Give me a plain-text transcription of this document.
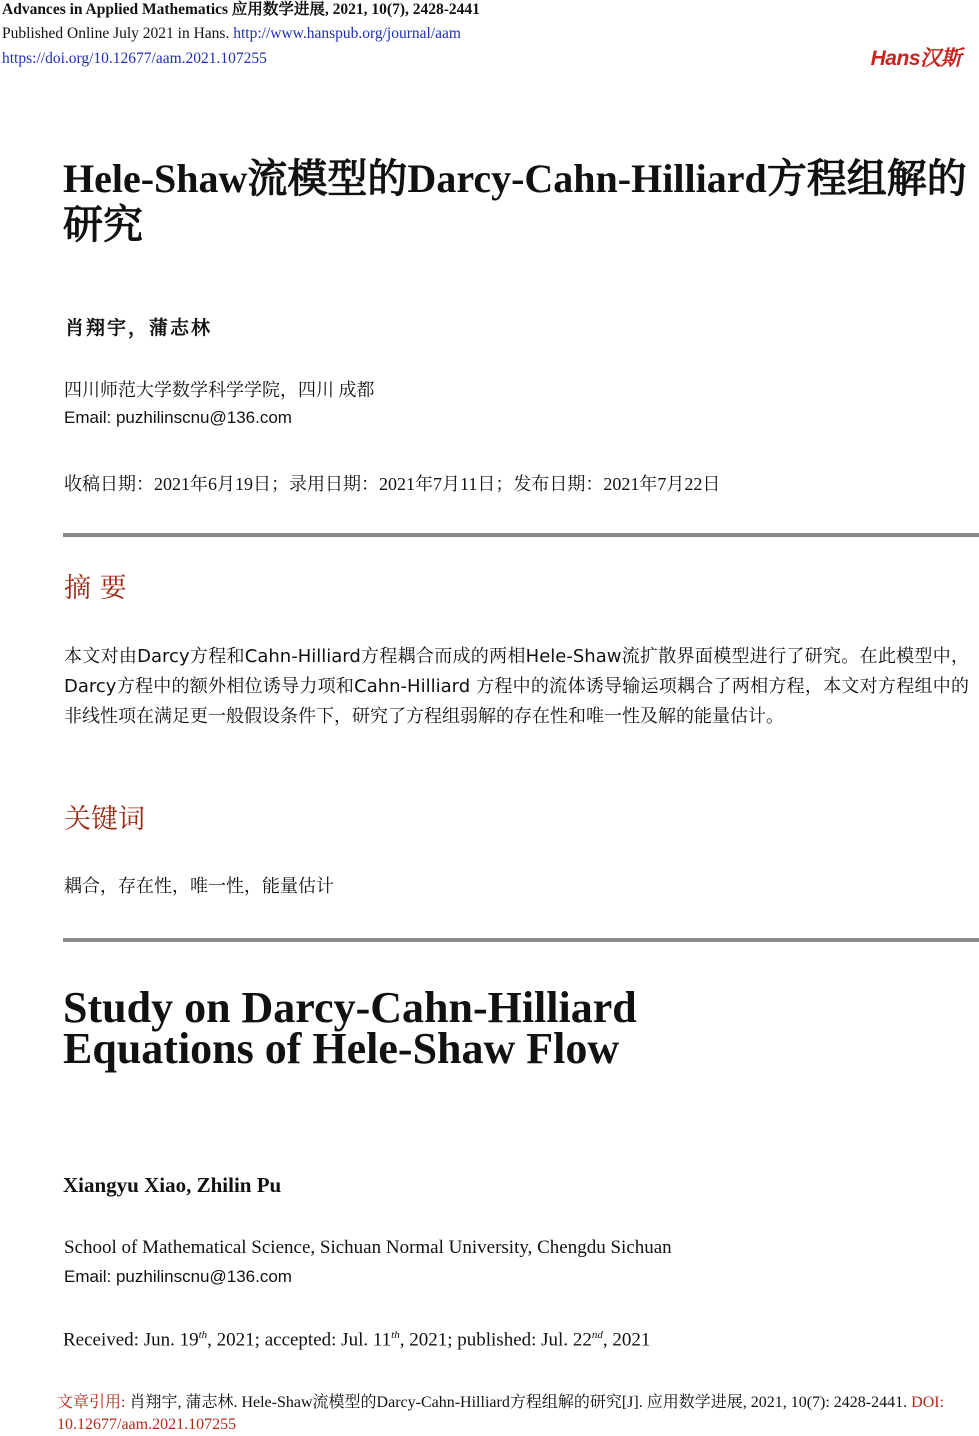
Advances in Applied Mathematics 应用数学进展, 2021, 10(7), 2428-2441
Published Online July 2021 in Hans. http://www.hanspub.org/journal/aam
https://doi.org/10.12677/aam.2021.107255	Hans汉斯
Hele-Shaw流模型的Darcy-Cahn-Hilliard方程组解的研究
肖翔宇，蒲志林
四川师范大学数学科学学院，四川 成都
Email: puzhilinscnu@136.com
收稿日期：2021年6月19日；录用日期：2021年7月11日；发布日期：2021年7月22日
摘 要
本文对由Darcy方程和Cahn-Hilliard方程耦合而成的两相Hele-Shaw流扩散界面模型进行了研究。在此模型中，Darcy方程中的额外相位诱导力项和Cahn-Hilliard 方程中的流体诱导输运项耦合了两相方程，本文对方程组中的非线性项在满足更一般假设条件下，研究了方程组弱解的存在性和唯一性及解的能量估计。
关键词
耦合，存在性，唯一性，能量估计
Study on Darcy-Cahn-Hilliard Equations of Hele-Shaw Flow
Xiangyu Xiao, Zhilin Pu
School of Mathematical Science, Sichuan Normal University, Chengdu Sichuan
Email: puzhilinscnu@136.com
Received: Jun. 19th, 2021; accepted: Jul. 11th, 2021; published: Jul. 22nd, 2021
文章引用: 肖翔宇, 蒲志林. Hele-Shaw流模型的Darcy-Cahn-Hilliard方程组解的研究[J]. 应用数学进展, 2021, 10(7): 2428-2441. DOI: 10.12677/aam.2021.107255
